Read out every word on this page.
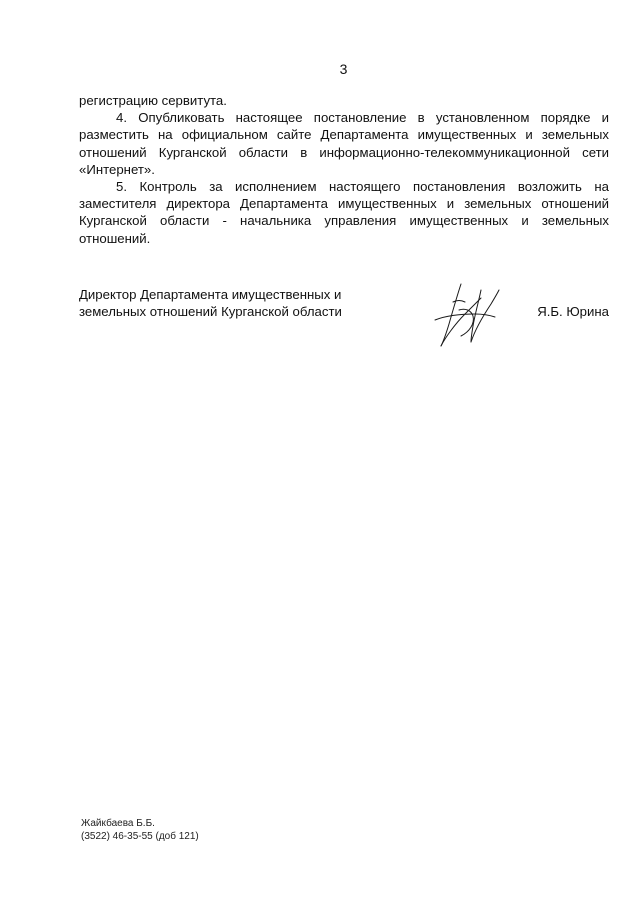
3

регистрацию сервитута.

4. Опубликовать настоящее постановление в установленном порядке и разместить на официальном сайте Департамента имущественных и земельных отношений Курганской области в информационно-телекоммуникационной сети «Интернет».

5. Контроль за исполнением настоящего постановления возложить на заместителя директора Департамента имущественных и земельных отношений Курганской области - начальника управления имущественных и земельных отношений.

Директор Департамента имущественных и
земельных отношений Курганской области	Я.Б. Юрина
Жайкбаева Б.Б.
(3522) 46-35-55 (доб 121)
